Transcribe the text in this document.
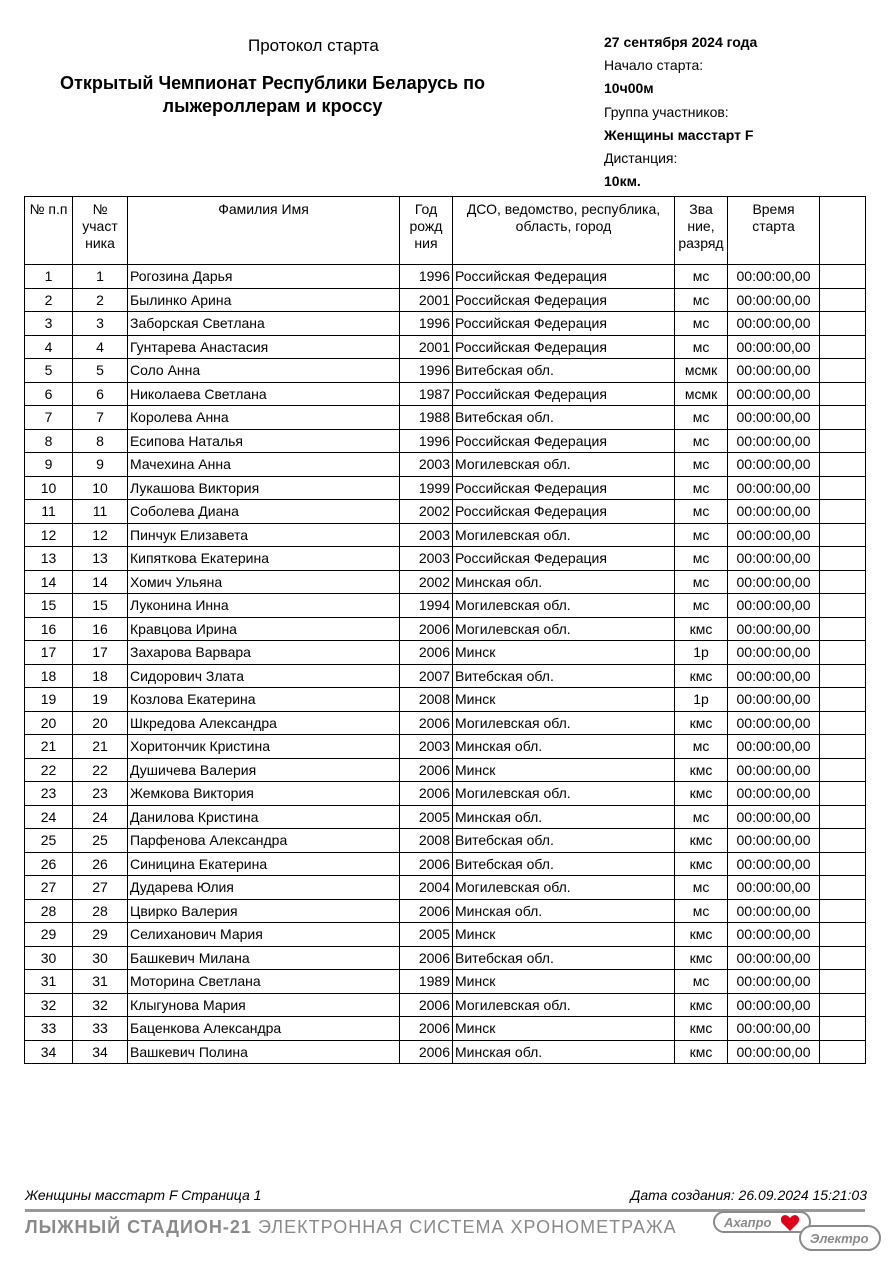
Протокол старта
Открытый Чемпионат Республики Беларусь по лыжероллерам и кроссу
27 сентября 2024 года
Начало старта:
10ч00м
Группа участников:
Женщины масстарт F
Дистанция:
10км.
№ п.п	№ участ ника	Фамилия Имя	Год рожд ния	ДСО, ведомство, республика, область, город	Зва ние, разряд	Время старта	
1	1	Рогозина Дарья	1996	Российская Федерация	мс	00:00:00,00	
2	2	Былинко Арина	2001	Российская Федерация	мс	00:00:00,00	
3	3	Заборская Светлана	1996	Российская Федерация	мс	00:00:00,00	
4	4	Гунтарева Анастасия	2001	Российская Федерация	мс	00:00:00,00	
5	5	Соло Анна	1996	Витебская обл.	мсмк	00:00:00,00	
6	6	Николаева Светлана	1987	Российская Федерация	мсмк	00:00:00,00	
7	7	Королева Анна	1988	Витебская обл.	мс	00:00:00,00	
8	8	Есипова Наталья	1996	Российская Федерация	мс	00:00:00,00	
9	9	Мачехина Анна	2003	Могилевская обл.	мс	00:00:00,00	
10	10	Лукашова Виктория	1999	Российская Федерация	мс	00:00:00,00	
11	11	Соболева Диана	2002	Российская Федерация	мс	00:00:00,00	
12	12	Пинчук Елизавета	2003	Могилевская обл.	мс	00:00:00,00	
13	13	Кипяткова Екатерина	2003	Российская Федерация	мс	00:00:00,00	
14	14	Хомич Ульяна	2002	Минская обл.	мс	00:00:00,00	
15	15	Луконина Инна	1994	Могилевская обл.	мс	00:00:00,00	
16	16	Кравцова Ирина	2006	Могилевская обл.	кмс	00:00:00,00	
17	17	Захарова Варвара	2006	Минск	1р	00:00:00,00	
18	18	Сидорович Злата	2007	Витебская обл.	кмс	00:00:00,00	
19	19	Козлова Екатерина	2008	Минск	1р	00:00:00,00	
20	20	Шкредова Александра	2006	Могилевская обл.	кмс	00:00:00,00	
21	21	Хоритончик Кристина	2003	Минская обл.	мс	00:00:00,00	
22	22	Душичева Валерия	2006	Минск	кмс	00:00:00,00	
23	23	Жемкова Виктория	2006	Могилевская обл.	кмс	00:00:00,00	
24	24	Данилова Кристина	2005	Минская обл.	мс	00:00:00,00	
25	25	Парфенова Александра	2008	Витебская обл.	кмс	00:00:00,00	
26	26	Синицина Екатерина	2006	Витебская обл.	кмс	00:00:00,00	
27	27	Дударева Юлия	2004	Могилевская обл.	мс	00:00:00,00	
28	28	Цвирко Валерия	2006	Минская обл.	мс	00:00:00,00	
29	29	Селиханович Мария	2005	Минск	кмс	00:00:00,00	
30	30	Башкевич Милана	2006	Витебская обл.	кмс	00:00:00,00	
31	31	Моторина Светлана	1989	Минск	мс	00:00:00,00	
32	32	Клыгунова Мария	2006	Могилевская обл.	кмс	00:00:00,00	
33	33	Баценкова Александра	2006	Минск	кмс	00:00:00,00	
34	34	Вашкевич Полина	2006	Минская обл.	кмс	00:00:00,00	
Женщины масстарт F Страница 1	Дата создания: 26.09.2024 15:21:03
ЛЫЖНЫЙ СТАДИОН-21 ЭЛЕКТРОННАЯ СИСТЕМА ХРОНОМЕТРАЖА	Ахапро
Электро
